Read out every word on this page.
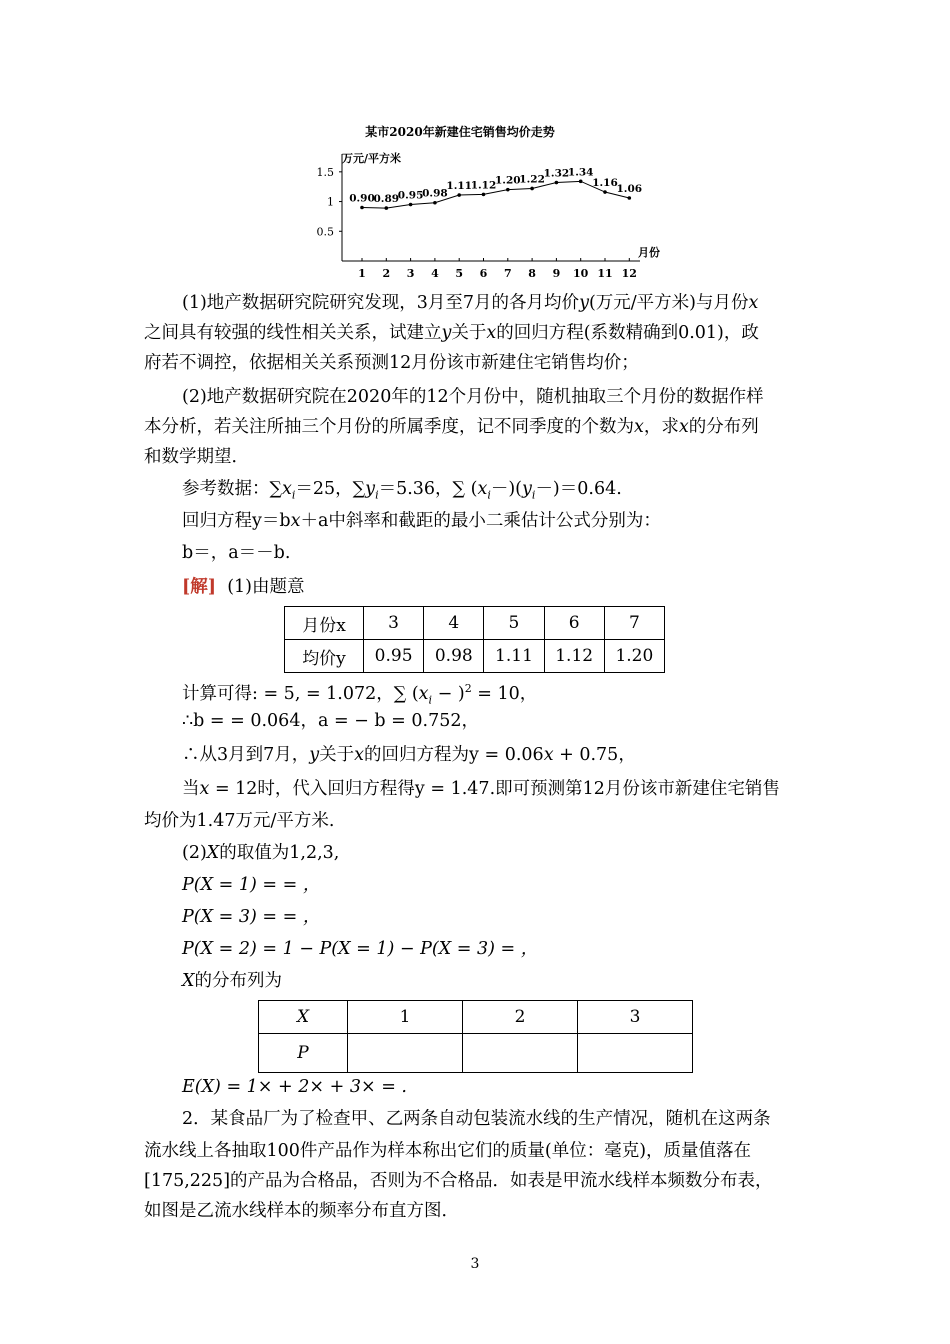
某市2020年新建住宅销售均价走势
万元/平方米
月份
1.5
1
0.5
1 2 3 4 5 6 7 8 9 10 11 12
0.90
0.89
0.95
0.98
1.11
1.12
1.20
1.22
1.32
1.34
1.16
1.06
(1)地产数据研究院研究发现，3月至7月的各月均价y(万元/平方米)与月份x
之间具有较强的线性相关关系，试建立y关于x的回归方程(系数精确到0.01)，政
府若不调控，依据相关关系预测12月份该市新建住宅销售均价；
(2)地产数据研究院在2020年的12个月份中，随机抽取三个月份的数据作样
本分析，若关注所抽三个月份的所属季度，记不同季度的个数为x，求x的分布列
和数学期望．
参考数据：$\sum x_i=25$，$\sum y_i=5.36$，∑ $(x_i-)(y_i-)=0.64$.
回归方程y＝bx＋a中斜率和截距的最小二乘估计公式分别为：
b＝，a＝－b.
[解] (1)由题意
月份x	3	4	5	6	7
均价y	0.95	0.98	1.11	1.12	1.20
计算可得: = 5, = 1.072，∑ $(x_i - )^2 = 10$，
∴b = = 0.064，a = − b = 0.752，
∴从3月到7月，y关于x的回归方程为y = 0.06x + 0.75，
当x = 12时，代入回归方程得y = 1.47.即可预测第12月份该市新建住宅销售
均价为1.47万元/平方米.
(2)X的取值为1,2,3,
P(X = 1) = = ，
P(X = 3) = = ，
P(X = 2) = 1 − P(X = 1) − P(X = 3) = ，
X的分布列为
X	1	2	3
P			
E(X) = 1× + 2× + 3× = .
2．某食品厂为了检查甲、乙两条自动包装流水线的生产情况，随机在这两条
流水线上各抽取100件产品作为样本称出它们的质量(单位：毫克)，质量值落在
[175,225]的产品为合格品，否则为不合格品．如表是甲流水线样本频数分布表，
如图是乙流水线样本的频率分布直方图．
3
